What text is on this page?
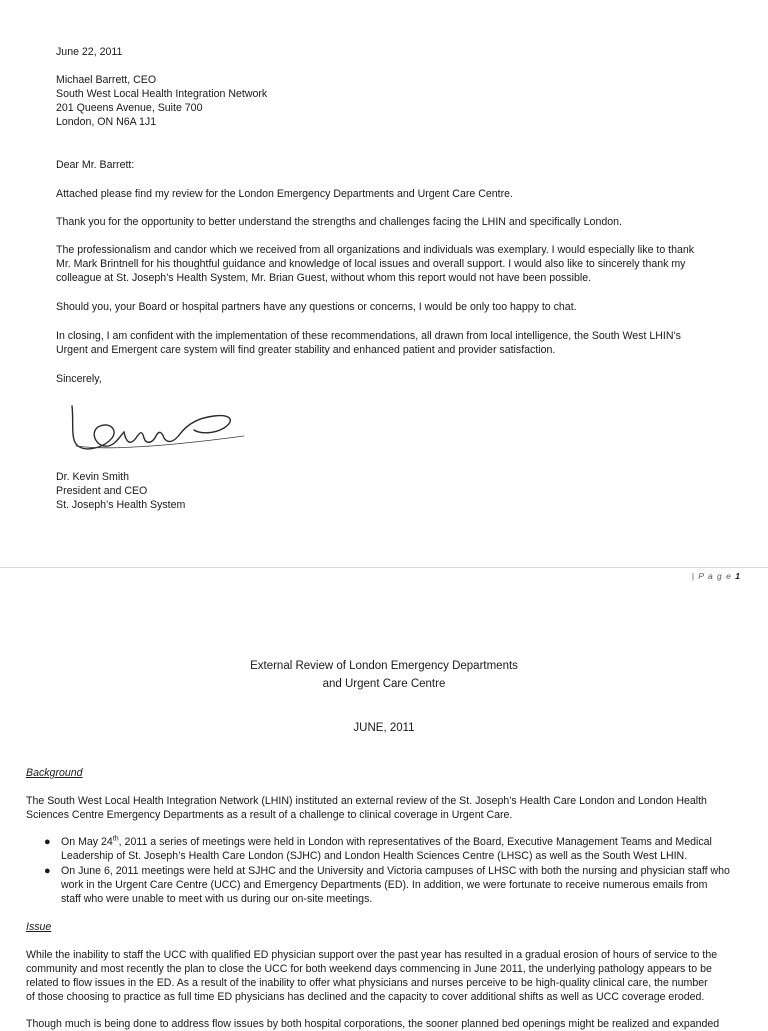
June 22, 2011
Michael Barrett, CEO
South West Local Health Integration Network
201 Queens Avenue, Suite 700
London, ON N6A 1J1
Dear Mr. Barrett:
Attached please find my review for the London Emergency Departments and Urgent Care Centre.
Thank you for the opportunity to better understand the strengths and challenges facing the LHIN and specifically London.
The professionalism and candor which we received from all organizations and individuals was exemplary. I would especially like to thank
Mr. Mark Brintnell for his thoughtful guidance and knowledge of local issues and overall support. I would also like to sincerely thank my
colleague at St. Joseph’s Health System, Mr. Brian Guest, without whom this report would not have been possible.
Should you, your Board or hospital partners have any questions or concerns, I would be only too happy to chat.
In closing, I am confident with the implementation of these recommendations, all drawn from local intelligence, the South West LHIN’s
Urgent and Emergent care system will find greater stability and enhanced patient and provider satisfaction.
Sincerely,
Dr. Kevin Smith
President and CEO
St. Joseph’s Health System
| P a g e 1
External Review of London Emergency Departments
and Urgent Care Centre
JUNE, 2011
Background
The South West Local Health Integration Network (LHIN) instituted an external review of the St. Joseph’s Health Care London and London Health
Sciences Centre Emergency Departments as a result of a challenge to clinical coverage in Urgent Care.
● On May 24th, 2011 a series of meetings were held in London with representatives of the Board, Executive Management Teams and Medical
Leadership of St. Joseph’s Health Care London (SJHC) and London Health Sciences Centre (LHSC) as well as the South West LHIN.
● On June 6, 2011 meetings were held at SJHC and the University and Victoria campuses of LHSC with both the nursing and physician staff who
work in the Urgent Care Centre (UCC) and Emergency Departments (ED). In addition, we were fortunate to receive numerous emails from
staff who were unable to meet with us during our on-site meetings.
Issue
While the inability to staff the UCC with qualified ED physician support over the past year has resulted in a gradual erosion of hours of service to the
community and most recently the plan to close the UCC for both weekend days commencing in June 2011, the underlying pathology appears to be
related to flow issues in the ED. As a result of the inability to offer what physicians and nurses perceive to be high-quality clinical care, the number
of those choosing to practice as full time ED physicians has declined and the capacity to cover additional shifts as well as UCC coverage eroded.
Though much is being done to address flow issues by both hospital corporations, the sooner planned bed openings might be realized and expanded
